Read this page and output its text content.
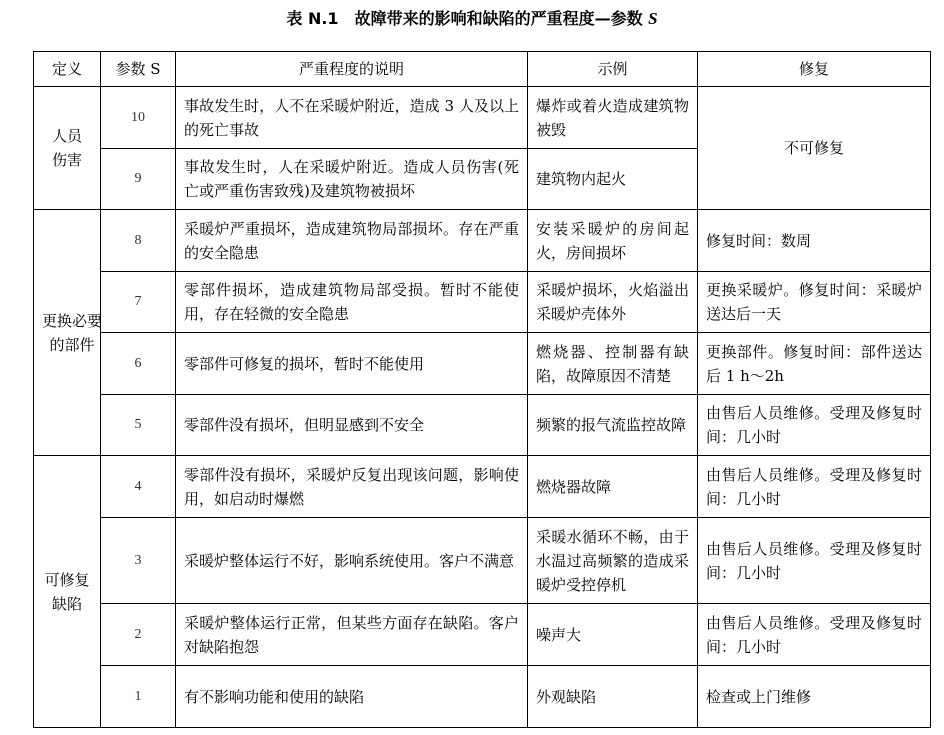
表 N.1　故障带来的影响和缺陷的严重程度—参数 S
定义	参数 S	严重程度的说明	示例	修复

人员伤害	10	事故发生时，人不在采暖炉附近，造成 3 人及以上的死亡事故	爆炸或着火造成建筑物被毁	不可修复
	9	事故发生时，人在采暖炉附近。造成人员伤害(死亡或严重伤害致残)及建筑物被损坏	建筑物内起火	

更换必要的部件	8	采暖炉严重损坏，造成建筑物局部损坏。存在严重的安全隐患	安装采暖炉的房间起火，房间损坏	修复时间：数周
	7	零部件损坏，造成建筑物局部受损。暂时不能使用，存在轻微的安全隐患	采暖炉损坏，火焰溢出采暖炉壳体外	更换采暖炉。修复时间：采暖炉送达后一天
	6	零部件可修复的损坏，暂时不能使用	燃烧器、控制器有缺陷，故障原因不清楚	更换部件。修复时间：部件送达后 1 h～2h
	5	零部件没有损坏，但明显感到不安全	频繁的报气流监控故障	由售后人员维修。受理及修复时间：几小时

可修复缺陷	4	零部件没有损坏，采暖炉反复出现该问题，影响使用，如启动时爆燃	燃烧器故障	由售后人员维修。受理及修复时间：几小时
	3	采暖炉整体运行不好，影响系统使用。客户不满意	采暖水循环不畅，由于水温过高频繁的造成采暖炉受控停机	由售后人员维修。受理及修复时间：几小时
	2	采暖炉整体运行正常，但某些方面存在缺陷。客户对缺陷抱怨	噪声大	由售后人员维修。受理及修复时间：几小时
	1	有不影响功能和使用的缺陷	外观缺陷	检查或上门维修
